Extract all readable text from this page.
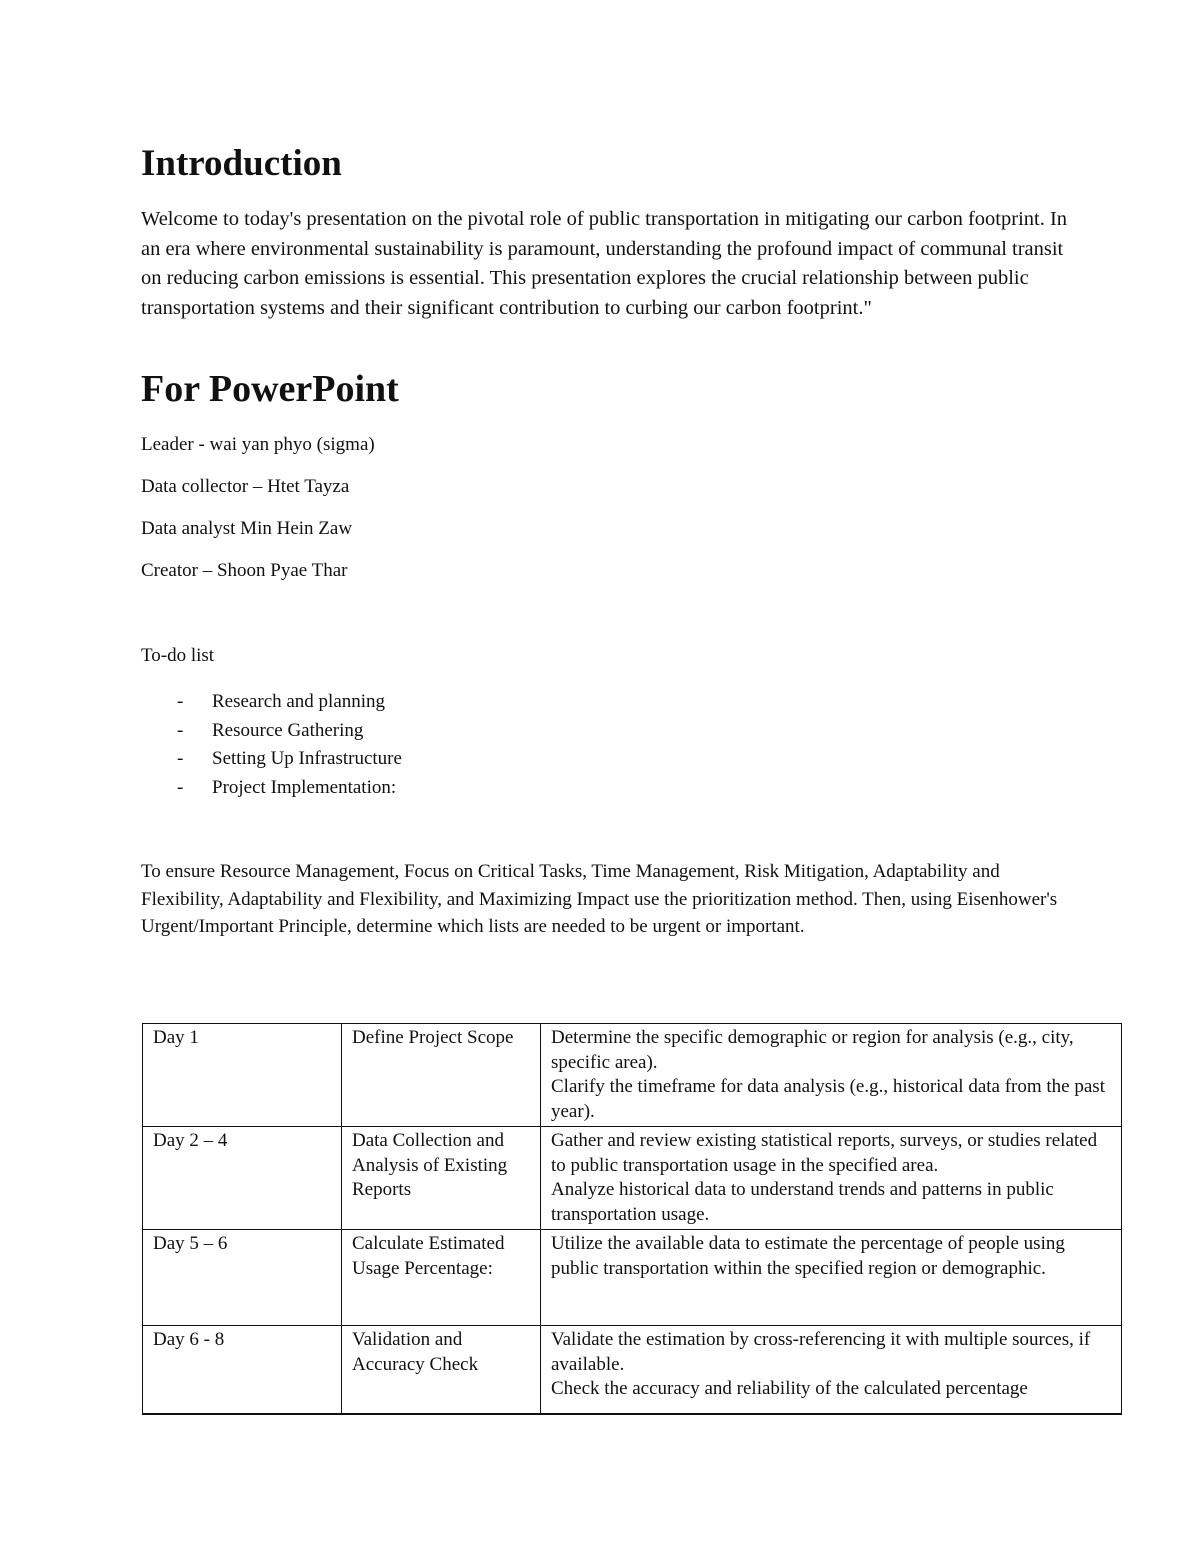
Introduction

Welcome to today's presentation on the pivotal role of public transportation in mitigating our carbon footprint. In an era where environmental sustainability is paramount, understanding the profound impact of communal transit on reducing carbon emissions is essential. This presentation explores the crucial relationship between public transportation systems and their significant contribution to curbing our carbon footprint."

For PowerPoint

Leader - wai yan phyo (sigma)

Data collector – Htet Tayza

Data analyst Min Hein Zaw

Creator – Shoon Pyae Thar

To-do list

- Research and planning
- Resource Gathering
- Setting Up Infrastructure
- Project Implementation:

To ensure Resource Management, Focus on Critical Tasks, Time Management, Risk Mitigation, Adaptability and Flexibility, Adaptability and Flexibility, and Maximizing Impact use the prioritization method. Then, using Eisenhower's Urgent/Important Principle, determine which lists are needed to be urgent or important.

Day 1	Define Project Scope	Determine the specific demographic or region for analysis (e.g., city, specific area).
Clarify the timeframe for data analysis (e.g., historical data from the past year).

Day 2 – 4	Data Collection and Analysis of Existing Reports	Gather and review existing statistical reports, surveys, or studies related to public transportation usage in the specified area.
Analyze historical data to understand trends and patterns in public transportation usage.

Day 5 – 6	Calculate Estimated Usage Percentage:	Utilize the available data to estimate the percentage of people using public transportation within the specified region or demographic.

Day 6 - 8	Validation and Accuracy Check	Validate the estimation by cross-referencing it with multiple sources, if available.
Check the accuracy and reliability of the calculated percentage
